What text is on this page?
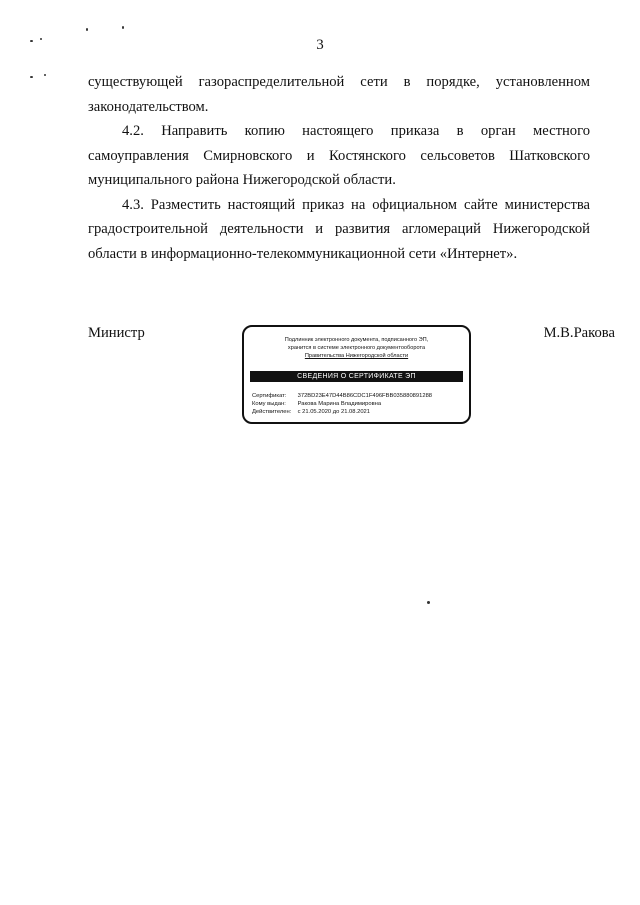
3

существующей газораспределительной сети в порядке, установленном

законодательством.

4.2. Направить копию настоящего приказа в орган местного самоуправления Смирновского и Костянского сельсоветов Шатковского муниципального района Нижегородской области.

4.3. Разместить настоящий приказ на официальном сайте министерства градостроительной деятельности и развития агломераций Нижегородской области в информационно-телекоммуникационной сети «Интернет».

Министр	М.В.Ракова
Подлинник электронного документа, подписанного ЭП,
хранится в системе электронного документооборота
Правительства Нижегородской области
СВЕДЕНИЯ О СЕРТИФИКАТЕ ЭП
Сертификат: 372BD23E47D44B86CDC1F496FBB035880891288
Кому выдан: Ракова Марина Владимировна
Действителен: с 21.05.2020 до 21.08.2021
